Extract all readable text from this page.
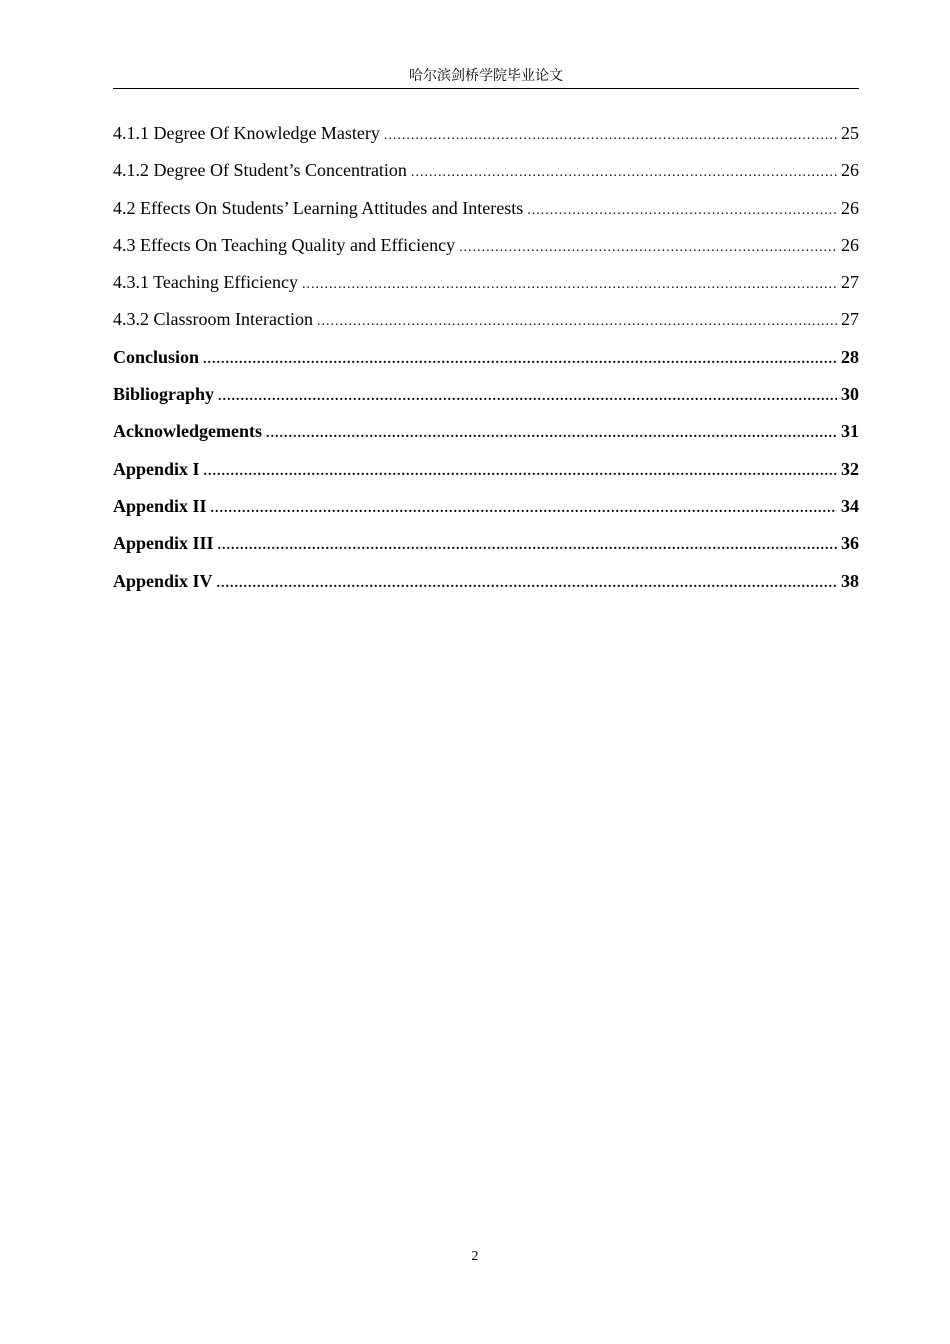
哈尔滨剑桥学院毕业论文
4.1.1 Degree Of Knowledge Mastery .....	25
4.1.2 Degree Of Student’s Concentration .....	26
4.2 Effects On Students’ Learning Attitudes and Interests .....	26
4.3 Effects On Teaching Quality and Efficiency .....	26
4.3.1 Teaching Efficiency .....	27
4.3.2 Classroom Interaction .....	27
Conclusion .....	28
Bibliography .....	30
Acknowledgements .....	31
Appendix I .....	32
Appendix II .....	34
Appendix III .....	36
Appendix IV .....	38
2
